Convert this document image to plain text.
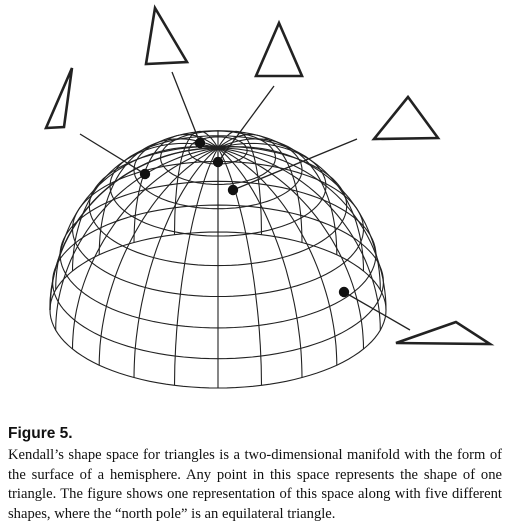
Figure 5.

Kendall’s shape space for triangles is a two-dimensional manifold with the form of the surface of a hemisphere. Any point in this space represents the shape of one triangle. The figure shows one representation of this space along with five different shapes, where the “north pole” is an equilateral triangle.
